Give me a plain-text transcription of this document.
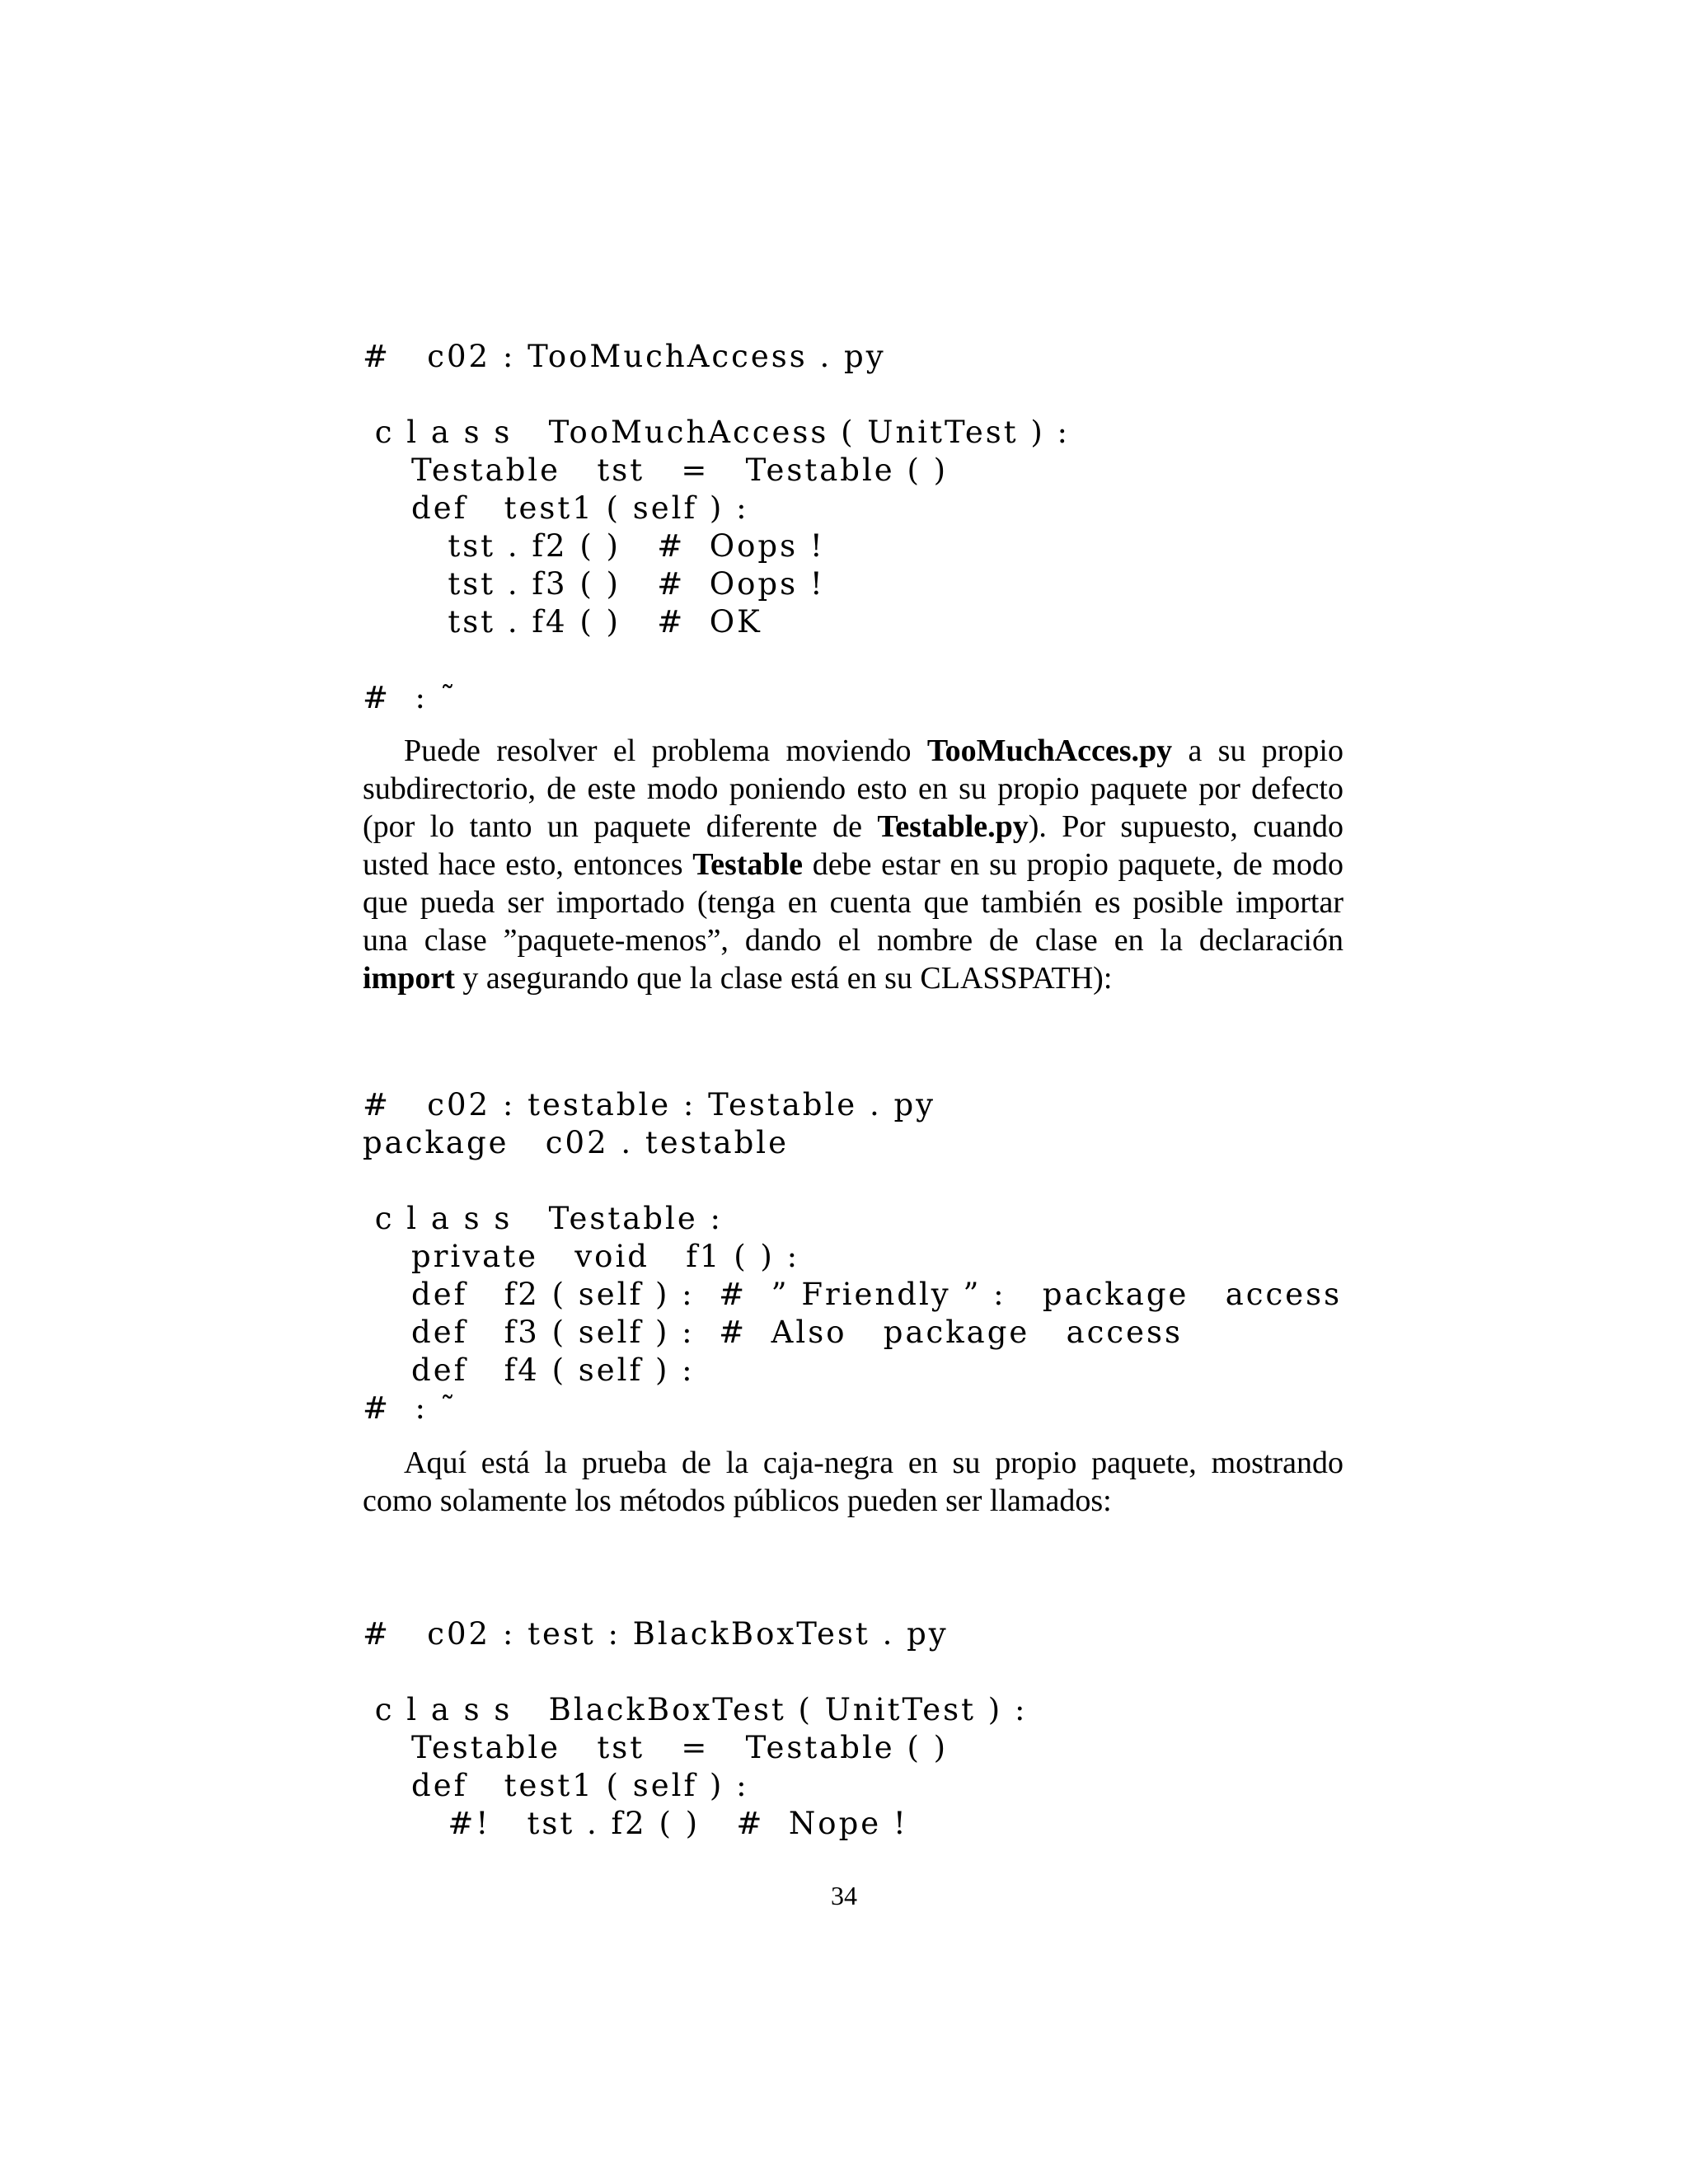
#   c02 : TooMuchAccess . py
c l a s s   TooMuchAccess ( UnitTest ) :
Testable   tst   =   Testable ( )
def   test1 ( self ) :
tst . f2 ( )   #  Oops !
tst . f3 ( )   #  Oops !
tst . f4 ( )   #  OK
#  : ˜

Puede resolver el problema moviendo TooMuchAcces.py a su propio subdirectorio, de este modo poniendo esto en su propio paquete por defecto (por lo tanto un paquete diferente de Testable.py). Por supuesto, cuando usted hace esto, entonces Testable debe estar en su propio paquete, de modo que pueda ser importado (tenga en cuenta que también es posible importar una clase ”paquete-menos”, dando el nombre de clase en la declaración import y asegurando que la clase está en su CLASSPATH):

#   c02 : testable : Testable . py
package   c02 . testable
c l a s s   Testable :
private   void   f1 ( ) :
def   f2 ( self ) :  #  ” Friendly ” :   package   access
def   f3 ( self ) :  #  Also   package   access
def   f4 ( self ) :
#  : ˜

Aquí está la prueba de la caja-negra en su propio paquete, mostrando como solamente los métodos públicos pueden ser llamados:

#   c02 : test : BlackBoxTest . py
c l a s s   BlackBoxTest ( UnitTest ) :
Testable   tst   =   Testable ( )
def   test1 ( self ) :
#!   tst . f2 ( )   #  Nope !
34
